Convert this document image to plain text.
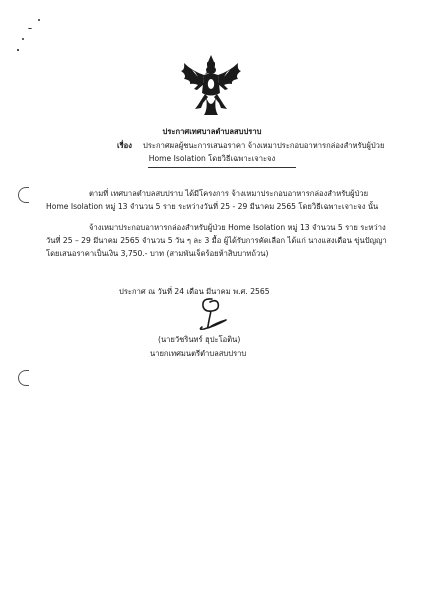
ประกาศเทศบาลตำบลสบปราบ
เรื่อง ประกาศผลผู้ชนะการเสนอราคา จ้างเหมาประกอบอาหารกล่องสำหรับผู้ป่วย
Home Isolation โดยวิธีเฉพาะเจาะจง
ตามที่ เทศบาลตำบลสบปราบ ได้มีโครงการ จ้างเหมาประกอบอาหารกล่องสำหรับผู้ป่วย
Home Isolation หมู่ 13 จำนวน 5 ราย ระหว่างวันที่ 25 - 29 มีนาคม 2565 โดยวิธีเฉพาะเจาะจง นั้น
จ้างเหมาประกอบอาหารกล่องสำหรับผู้ป่วย Home Isolation หมู่ 13 จำนวน 5 ราย ระหว่าง
วันที่ 25 – 29 มีนาคม 2565 จำนวน 5 วัน ๆ ละ 3 มื้อ ผู้ได้รับการคัดเลือก ได้แก่ นางแสงเดือน ขุ่นปัญญา
โดยเสนอราคาเป็นเงิน 3,750.- บาท (สามพันเจ็ดร้อยห้าสิบบาทถ้วน)
ประกาศ ณ วันที่ 24 เดือน มีนาคม พ.ศ. 2565
(นายวัชรินทร์ ฮุปะโอติน)
นายกเทศมนตรีตำบลสบปราบ
